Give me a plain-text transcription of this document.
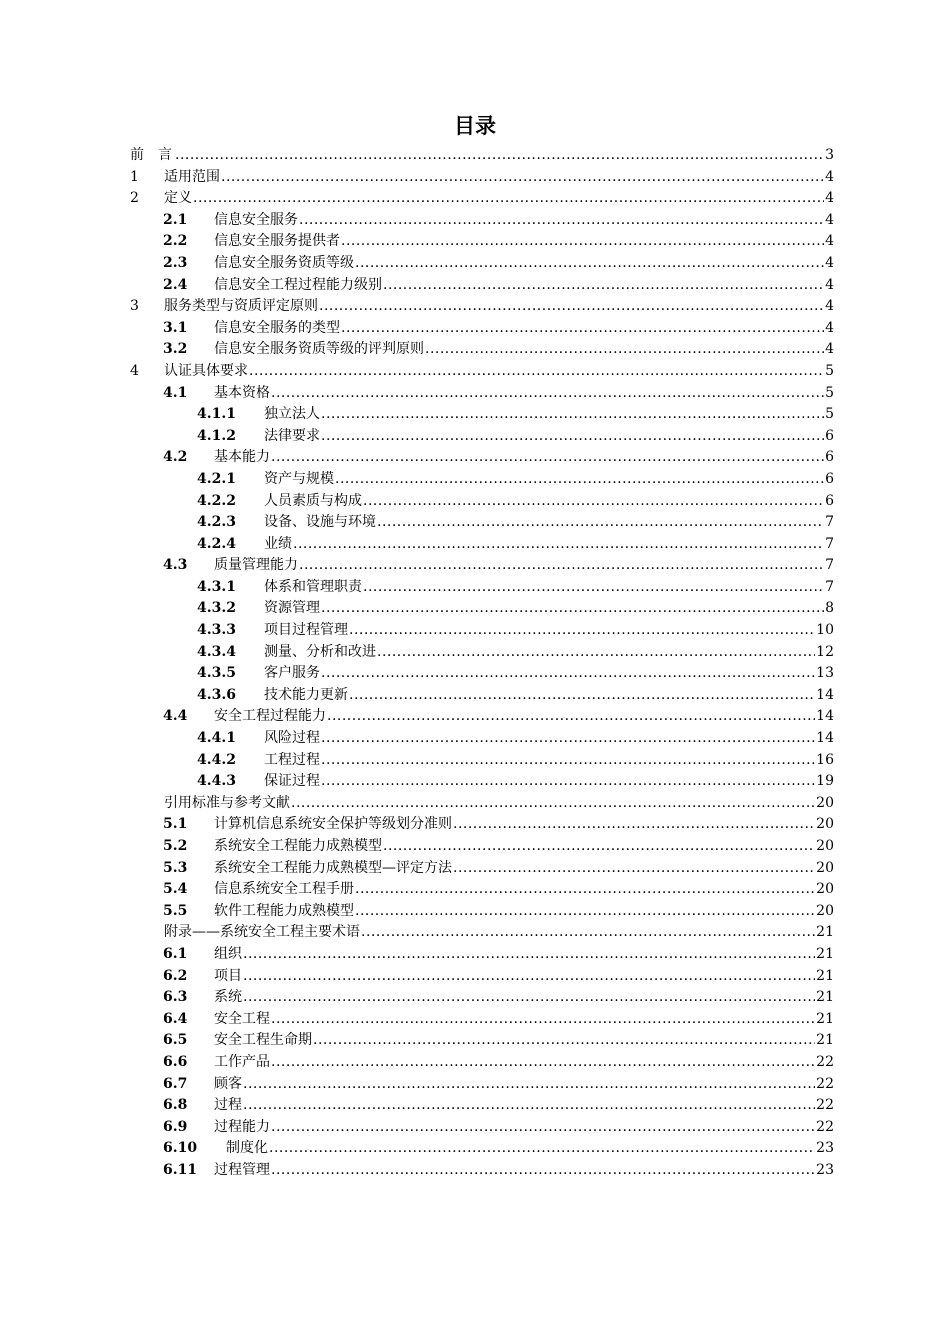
目录
前　言 .....	3
1 适用范围 .....	4
2 定义 .....	4
2.1 信息安全服务 .....	4
2.2 信息安全服务提供者 .....	4
2.3 信息安全服务资质等级 .....	4
2.4 信息安全工程过程能力级别 .....	4
3 服务类型与资质评定原则 .....	4
3.1 信息安全服务的类型 .....	4
3.2 信息安全服务资质等级的评判原则 .....	4
4 认证具体要求 .....	5
4.1 基本资格 .....	5
4.1.1 独立法人 .....	5
4.1.2 法律要求 .....	6
4.2 基本能力 .....	6
4.2.1 资产与规模 .....	6
4.2.2 人员素质与构成 .....	6
4.2.3 设备、设施与环境 .....	7
4.2.4 业绩 .....	7
4.3 质量管理能力 .....	7
4.3.1 体系和管理职责 .....	7
4.3.2 资源管理 .....	8
4.3.3 项目过程管理 .....	10
4.3.4 测量、分析和改进 .....	12
4.3.5 客户服务 .....	13
4.3.6 技术能力更新 .....	14
4.4 安全工程过程能力 .....	14
4.4.1 风险过程 .....	14
4.4.2 工程过程 .....	16
4.4.3 保证过程 .....	19
引用标准与参考文献 .....	20
5.1 计算机信息系统安全保护等级划分准则 .....	20
5.2 系统安全工程能力成熟模型 .....	20
5.3 系统安全工程能力成熟模型—评定方法 .....	20
5.4 信息系统安全工程手册 .....	20
5.5 软件工程能力成熟模型 .....	20
附录——系统安全工程主要术语 .....	21
6.1 组织 .....	21
6.2 项目 .....	21
6.3 系统 .....	21
6.4 安全工程 .....	21
6.5 安全工程生命期 .....	21
6.6 工作产品 .....	22
6.7 顾客 .....	22
6.8 过程 .....	22
6.9 过程能力 .....	22
6.10 制度化 .....	23
6.11 过程管理 .....	23
